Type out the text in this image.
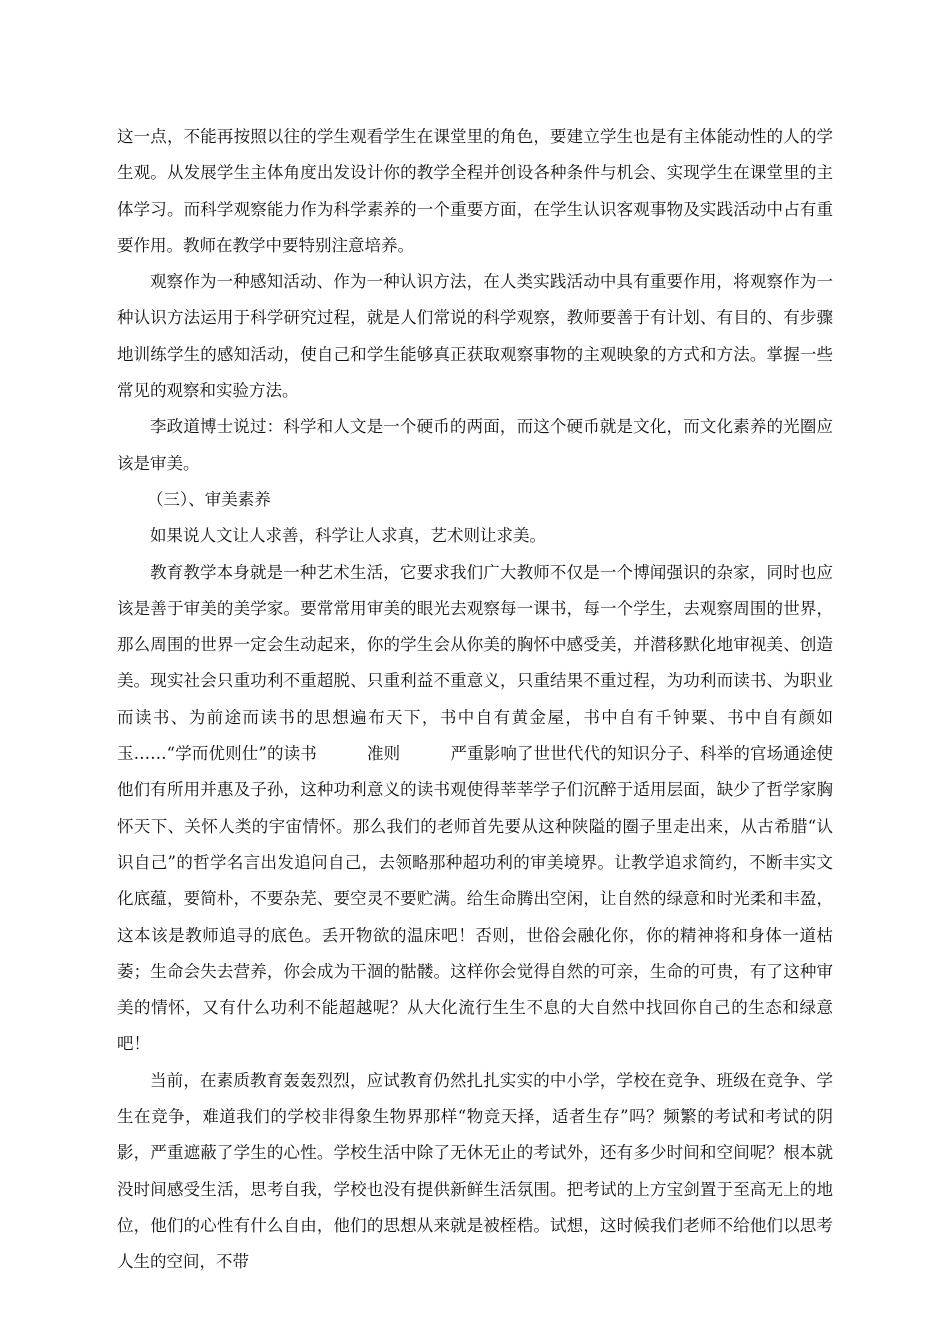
这一点，不能再按照以往的学生观看学生在课堂里的角色，要建立学生也是有主体能动性的人的学生观。从发展学生主体角度出发设计你的教学全程并创设各种条件与机会、实现学生在课堂里的主体学习。而科学观察能力作为科学素养的一个重要方面，在学生认识客观事物及实践活动中占有重要作用。教师在教学中要特别注意培养。

观察作为一种感知活动、作为一种认识方法，在人类实践活动中具有重要作用，将观察作为一种认识方法运用于科学研究过程，就是人们常说的科学观察，教师要善于有计划、有目的、有步骤地训练学生的感知活动，使自己和学生能够真正获取观察事物的主观映象的方式和方法。掌握一些常见的观察和实验方法。

李政道博士说过：科学和人文是一个硬币的两面，而这个硬币就是文化，而文化素养的光圈应该是审美。

（三）、审美素养

如果说人文让人求善，科学让人求真，艺术则让求美。

教育教学本身就是一种艺术生活，它要求我们广大教师不仅是一个博闻强识的杂家，同时也应该是善于审美的美学家。要常常用审美的眼光去观察每一课书，每一个学生，去观察周围的世界，那么周围的世界一定会生动起来，你的学生会从你美的胸怀中感受美，并潜移默化地审视美、创造美。现实社会只重功利不重超脱、只重利益不重意义，只重结果不重过程，为功利而读书、为职业而读书、为前途而读书的思想遍布天下，书中自有黄金屋，书中自有千钟粟、书中自有颜如玉……“学而优则仕”的读书	准则	严重影响了世世代代的知识分子、科举的官场通途使他们有所用并惠及子孙，这种功利意义的读书观使得莘莘学子们沉醉于适用层面，缺少了哲学家胸怀天下、关怀人类的宇宙情怀。那么我们的老师首先要从这种陕隘的圈子里走出来，从古希腊“认识自己”的哲学名言出发追问自己，去领略那种超功利的审美境界。让教学追求简约，不断丰实文化底蕴，要简朴，不要杂芜、要空灵不要贮满。给生命腾出空闲，让自然的绿意和时光柔和丰盈，这本该是教师追寻的底色。丢开物欲的温床吧！否则，世俗会融化你，你的精神将和身体一道枯萎；生命会失去营养，你会成为干涸的骷髅。这样你会觉得自然的可亲，生命的可贵，有了这种审美的情怀，又有什么功利不能超越呢？从大化流行生生不息的大自然中找回你自己的生态和绿意吧！

当前，在素质教育轰轰烈烈，应试教育仍然扎扎实实的中小学，学校在竞争、班级在竞争、学生在竞争，难道我们的学校非得象生物界那样“物竞天择，适者生存”吗？频繁的考试和考试的阴影，严重遮蔽了学生的心性。学校生活中除了无休无止的考试外，还有多少时间和空间呢？根本就没时间感受生活，思考自我，学校也没有提供新鲜生活氛围。把考试的上方宝剑置于至高无上的地位，他们的心性有什么自由，他们的思想从来就是被桎梏。试想，这时候我们老师不给他们以思考人生的空间，不带
